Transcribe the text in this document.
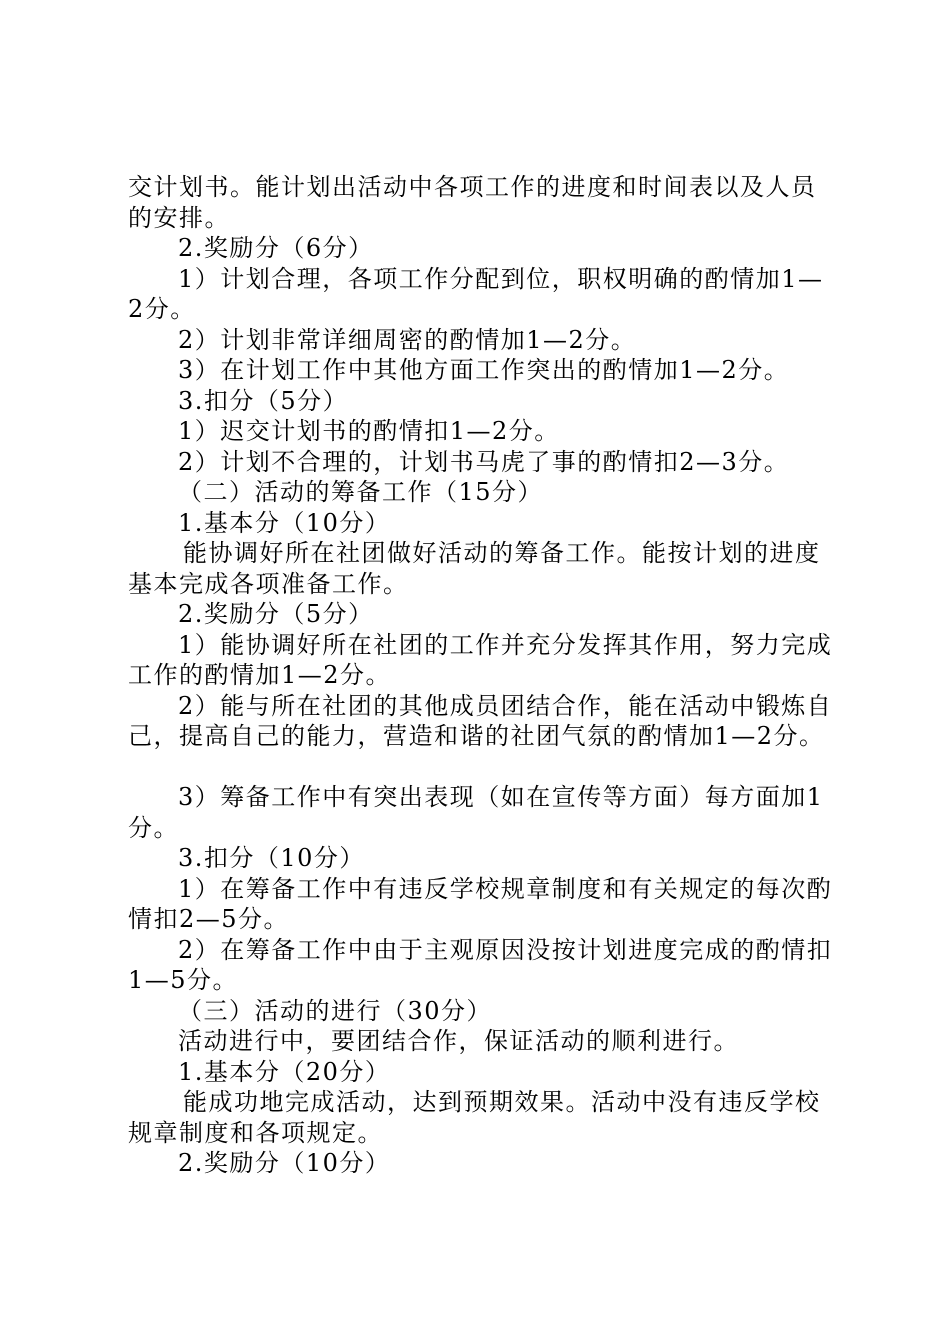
交计划书。能计划出活动中各项工作的进度和时间表以及人员
的安排。
2.奖励分（6分）
1）计划合理，各项工作分配到位，职权明确的酌情加1—
2分。
2）计划非常详细周密的酌情加1—2分。
3）在计划工作中其他方面工作突出的酌情加1—2分。
3.扣分（5分）
1）迟交计划书的酌情扣1—2分。
2）计划不合理的，计划书马虎了事的酌情扣2—3分。
（二）活动的筹备工作（15分）
1.基本分（10分）
能协调好所在社团做好活动的筹备工作。能按计划的进度
基本完成各项准备工作。
2.奖励分（5分）
1）能协调好所在社团的工作并充分发挥其作用，努力完成
工作的酌情加1—2分。
2）能与所在社团的其他成员团结合作，能在活动中锻炼自
己，提高自己的能力，营造和谐的社团气氛的酌情加1—2分。
3）筹备工作中有突出表现（如在宣传等方面）每方面加1
分。
3.扣分（10分）
1）在筹备工作中有违反学校规章制度和有关规定的每次酌
情扣2—5分。
2）在筹备工作中由于主观原因没按计划进度完成的酌情扣
1—5分。
（三）活动的进行（30分）
活动进行中，要团结合作，保证活动的顺利进行。
1.基本分（20分）
能成功地完成活动，达到预期效果。活动中没有违反学校
规章制度和各项规定。
2.奖励分（10分）
